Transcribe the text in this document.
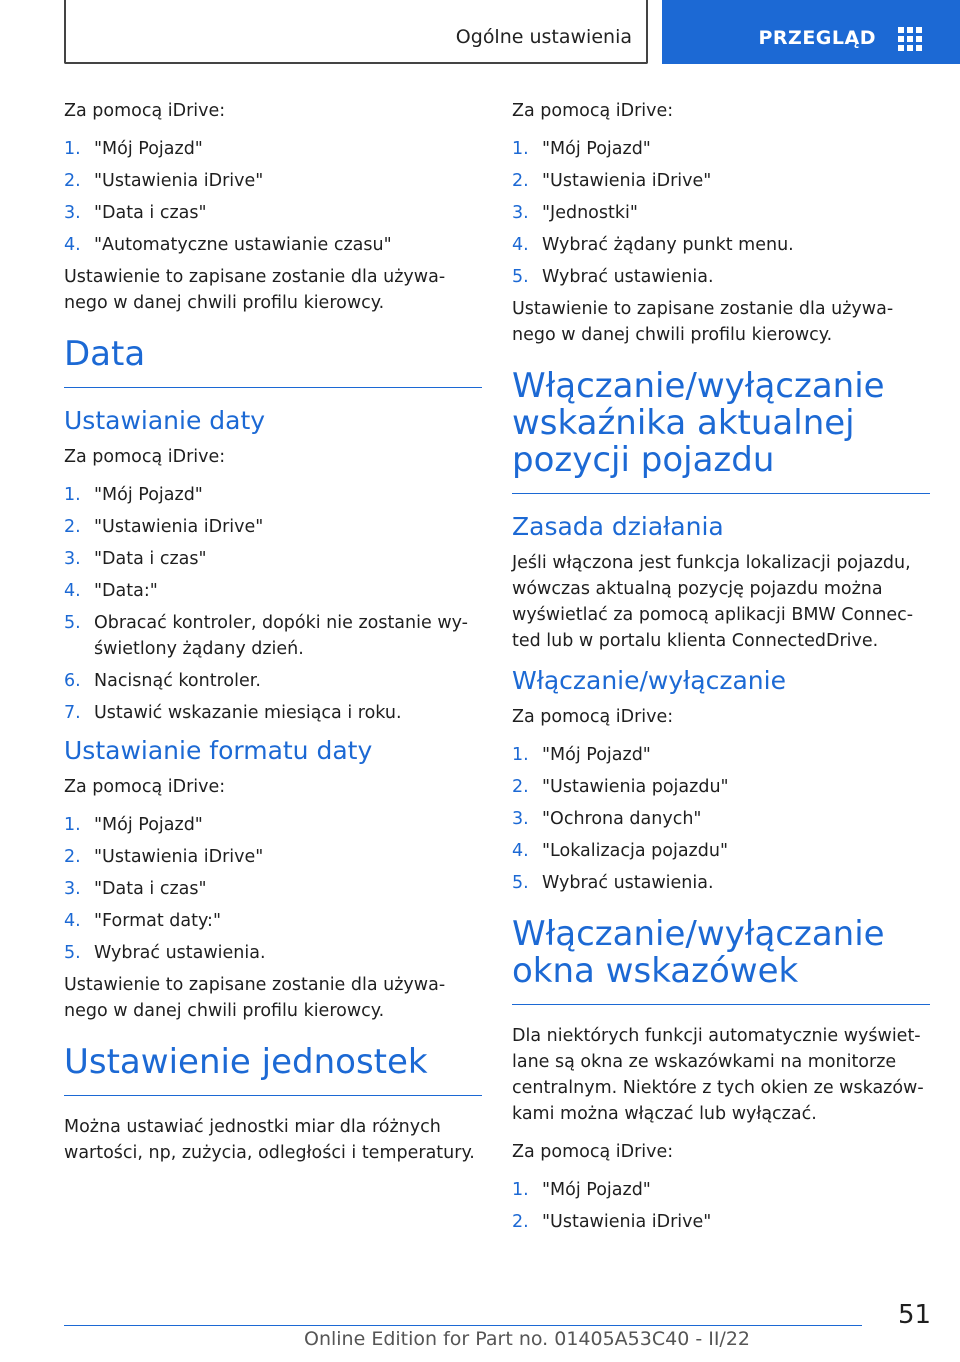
Ogólne ustawienia	PRZEGLĄD

Za pomocą iDrive:

1. "Mój Pojazd"
2. "Ustawienia iDrive"
3. "Data i czas"
4. "Automatyczne ustawianie czasu"

Ustawienie to zapisane zostanie dla używa-nego w danej chwili profilu kierowcy.

Data
Ustawianie daty

Za pomocą iDrive:

1. "Mój Pojazd"
2. "Ustawienia iDrive"
3. "Data i czas"
4. "Data:"
5. Obracać kontroler, dopóki nie zostanie wy-świetlony żądany dzień.
6. Nacisnąć kontroler.
7. Ustawić wskazanie miesiąca i roku.
Ustawianie formatu daty

Za pomocą iDrive:

1. "Mój Pojazd"
2. "Ustawienia iDrive"
3. "Data i czas"
4. "Format daty:"
5. Wybrać ustawienia.

Ustawienie to zapisane zostanie dla używa-nego w danej chwili profilu kierowcy.

Ustawienie jednostek

Można ustawiać jednostki miar dla różnych wartości, np, zużycia, odległości i temperatury.

Za pomocą iDrive:

1. "Mój Pojazd"
2. "Ustawienia iDrive"
3. "Jednostki"
4. Wybrać żądany punkt menu.
5. Wybrać ustawienia.

Ustawienie to zapisane zostanie dla używa-nego w danej chwili profilu kierowcy.

Włączanie/wyłączanie wskaźnika aktualnej pozycji pojazdu
Zasada działania

Jeśli włączona jest funkcja lokalizacji pojazdu, wówczas aktualną pozycję pojazdu można wyświetlać za pomocą aplikacji BMW Connec-ted lub w portalu klienta ConnectedDrive.

Włączanie/wyłączanie

Za pomocą iDrive:

1. "Mój Pojazd"
2. "Ustawienia pojazdu"
3. "Ochrona danych"
4. "Lokalizacja pojazdu"
5. Wybrać ustawienia.
Włączanie/wyłączanie okna wskazówek

Dla niektórych funkcji automatycznie wyświet-lane są okna ze wskazówkami na monitorze centralnym. Niektóre z tych okien ze wskazów-kami można włączać lub wyłączać.

Za pomocą iDrive:

1. "Mój Pojazd"
2. "Ustawienia iDrive"
51
Online Edition for Part no. 01405A53C40 - II/22
